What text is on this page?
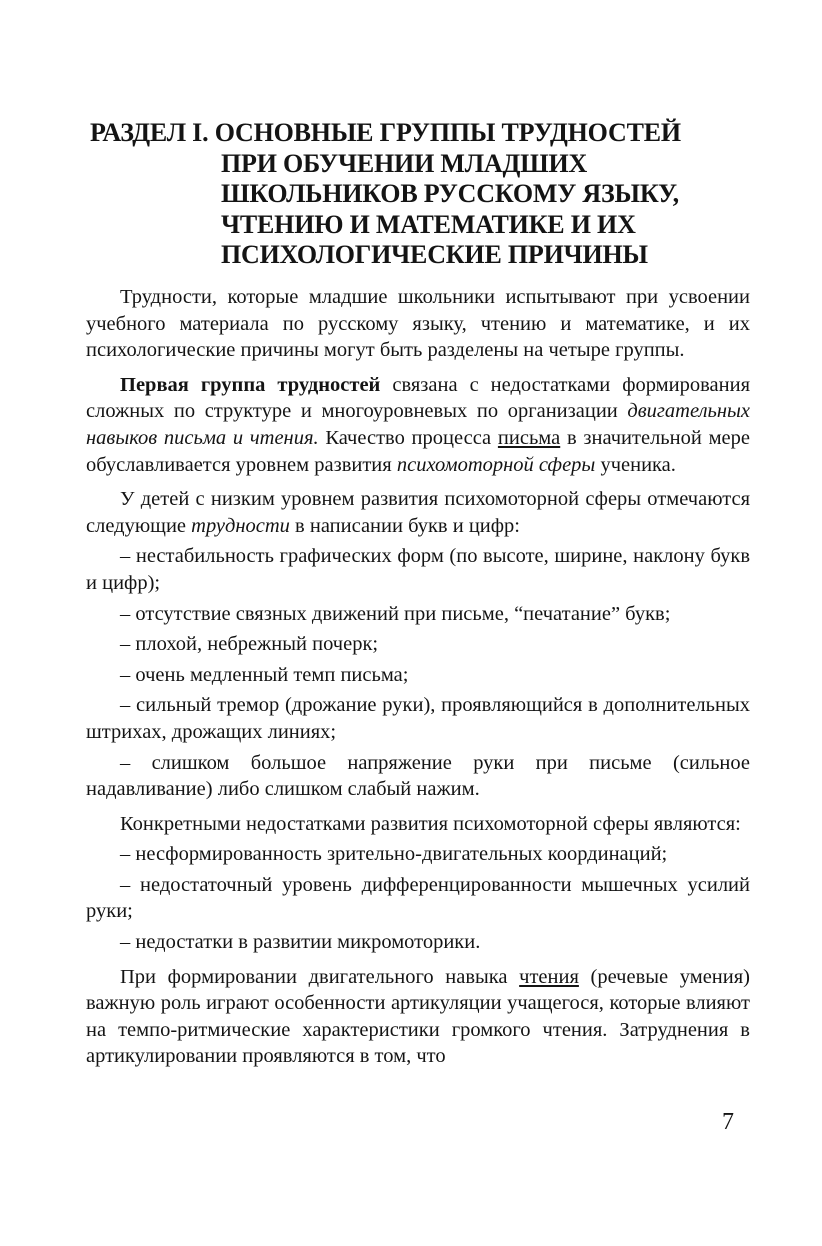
РАЗДЕЛ I. ОСНОВНЫЕ ГРУППЫ ТРУДНОСТЕЙ
ПРИ ОБУЧЕНИИ МЛАДШИХ
ШКОЛЬНИКОВ РУССКОМУ ЯЗЫКУ,
ЧТЕНИЮ И МАТЕМАТИКЕ И ИХ
ПСИХОЛОГИЧЕСКИЕ ПРИЧИНЫ

Трудности, которые младшие школьники испытывают при усвоении учебного материала по русскому языку, чтению и математике, и их психологические причины могут быть разделены на четыре группы.

Первая группа трудностей связана с недостатками формирования сложных по структуре и многоуровневых по организации двигательных навыков письма и чтения. Качество процесса письма в значительной мере обуславливается уровнем развития психомоторной сферы ученика.

У детей с низким уровнем развития психомоторной сферы отмечаются следующие трудности в написании букв и цифр:

– нестабильность графических форм (по высоте, ширине, наклону букв и цифр);

– отсутствие связных движений при письме, “печатание” букв;

– плохой, небрежный почерк;

– очень медленный темп письма;

– сильный тремор (дрожание руки), проявляющийся в дополнительных штрихах, дрожащих линиях;

– слишком большое напряжение руки при письме (сильное надавливание) либо слишком слабый нажим.

Конкретными недостатками развития психомоторной сферы являются:

– несформированность зрительно-двигательных координаций;

– недостаточный уровень дифференцированности мышечных усилий руки;

– недостатки в развитии микромоторики.

При формировании двигательного навыка чтения (речевые умения) важную роль играют особенности артикуляции учащегося, которые влияют на темпо-ритмические характеристики громкого чтения. Затруднения в артикулировании проявляются в том, что

7
